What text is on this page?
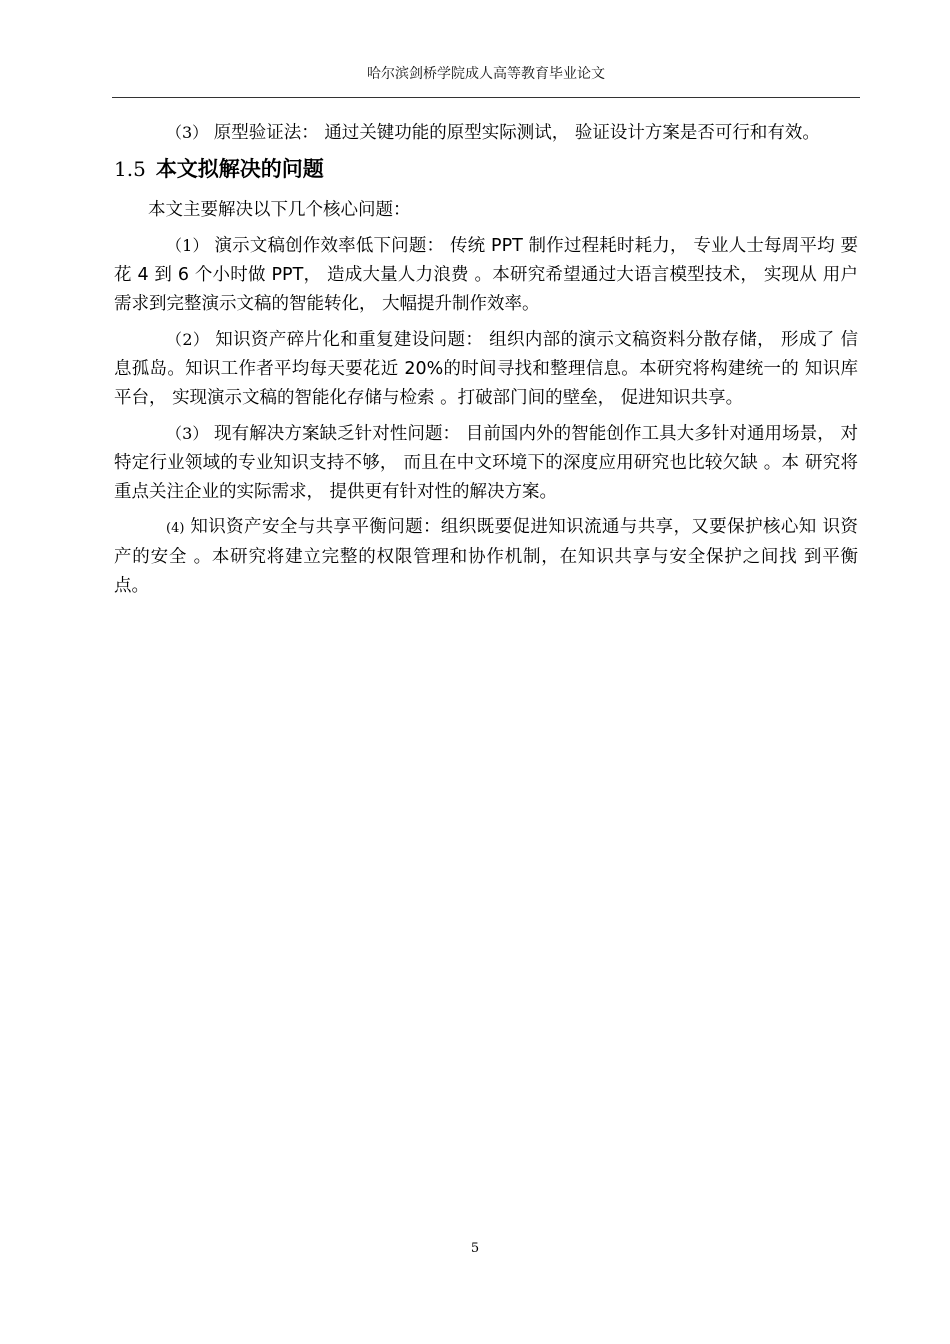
哈尔滨剑桥学院成人高等教育毕业论文

（3） 原型验证法： 通过关键功能的原型实际测试， 验证设计方案是否可行和有效。

1.5 本文拟解决的问题

本文主要解决以下几个核心问题：

（1） 演示文稿创作效率低下问题： 传统 PPT 制作过程耗时耗力， 专业人士每周平均 要花 4 到 6 个小时做 PPT， 造成大量人力浪费 。本研究希望通过大语言模型技术， 实现从 用户需求到完整演示文稿的智能转化， 大幅提升制作效率。

（2） 知识资产碎片化和重复建设问题： 组织内部的演示文稿资料分散存储， 形成了 信息孤岛。知识工作者平均每天要花近 20%的时间寻找和整理信息。本研究将构建统一的 知识库平台， 实现演示文稿的智能化存储与检索 。打破部门间的壁垒， 促进知识共享。

（3） 现有解决方案缺乏针对性问题： 目前国内外的智能创作工具大多针对通用场景， 对特定行业领域的专业知识支持不够， 而且在中文环境下的深度应用研究也比较欠缺 。本 研究将重点关注企业的实际需求， 提供更有针对性的解决方案。

(4) 知识资产安全与共享平衡问题：组织既要促进知识流通与共享，又要保护核心知 识资产的安全 。本研究将建立完整的权限管理和协作机制，在知识共享与安全保护之间找 到平衡点。

5
